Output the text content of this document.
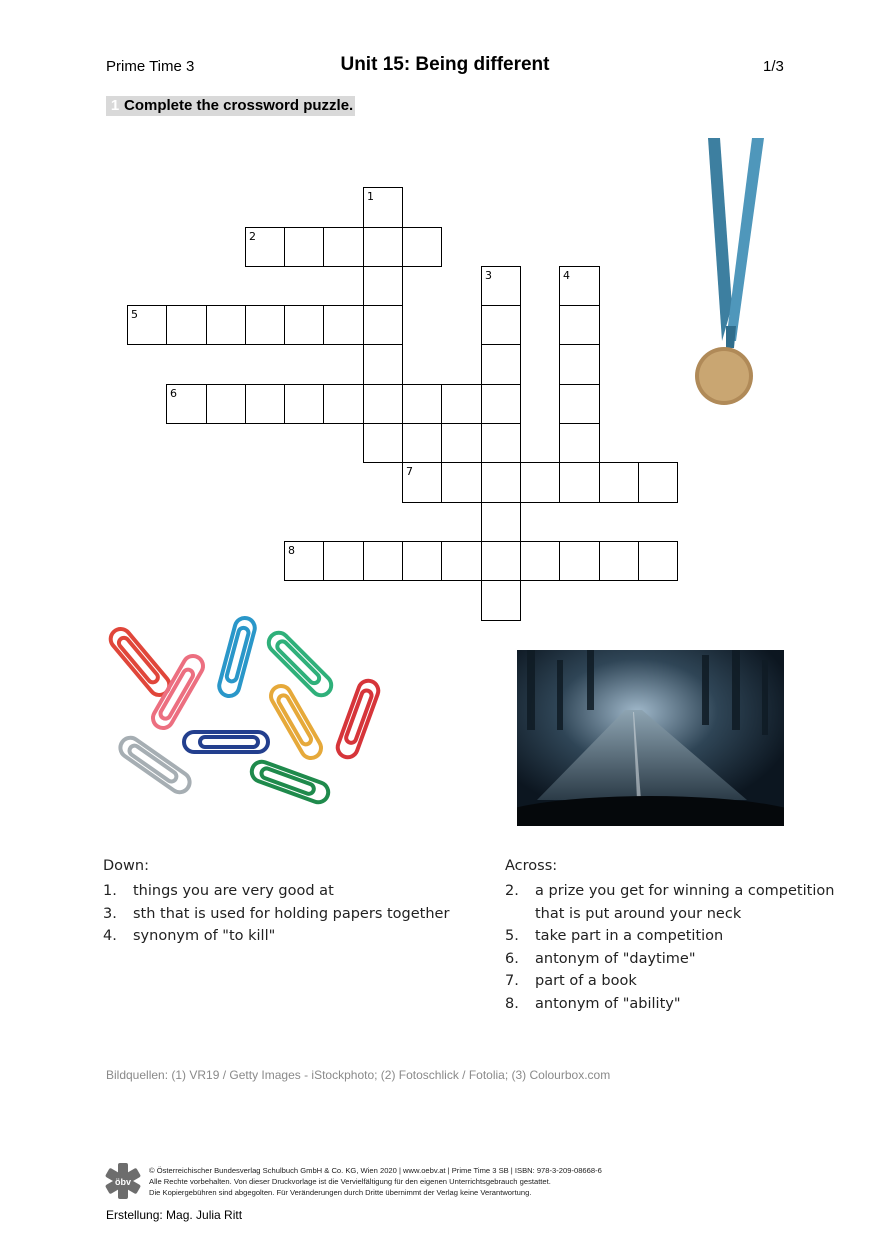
Prime Time 3	Unit 15: Being different	1/3
1 Complete the crossword puzzle.
1
2
3	4
5
6
7
8
Down:
1.	things you are very good at
3.	sth that is used for holding papers together
4.	synonym of "to kill"
Across:
2.	a prize you get for winning a competition that is put around your neck
5.	take part in a competition
6.	antonym of "daytime"
7.	part of a book
8.	antonym of "ability"
Bildquellen: (1) VR19 / Getty Images - iStockphoto; (2) Fotoschlick / Fotolia; (3) Colourbox.com
öbv
© Österreichischer Bundesverlag Schulbuch GmbH & Co. KG, Wien 2020 | www.oebv.at | Prime Time 3 SB | ISBN: 978-3-209-08668-6
Alle Rechte vorbehalten. Von dieser Druckvorlage ist die Vervielfältigung für den eigenen Unterrichtsgebrauch gestattet.
Die Kopiergebühren sind abgegolten. Für Veränderungen durch Dritte übernimmt der Verlag keine Verantwortung.
Erstellung: Mag. Julia Ritt
